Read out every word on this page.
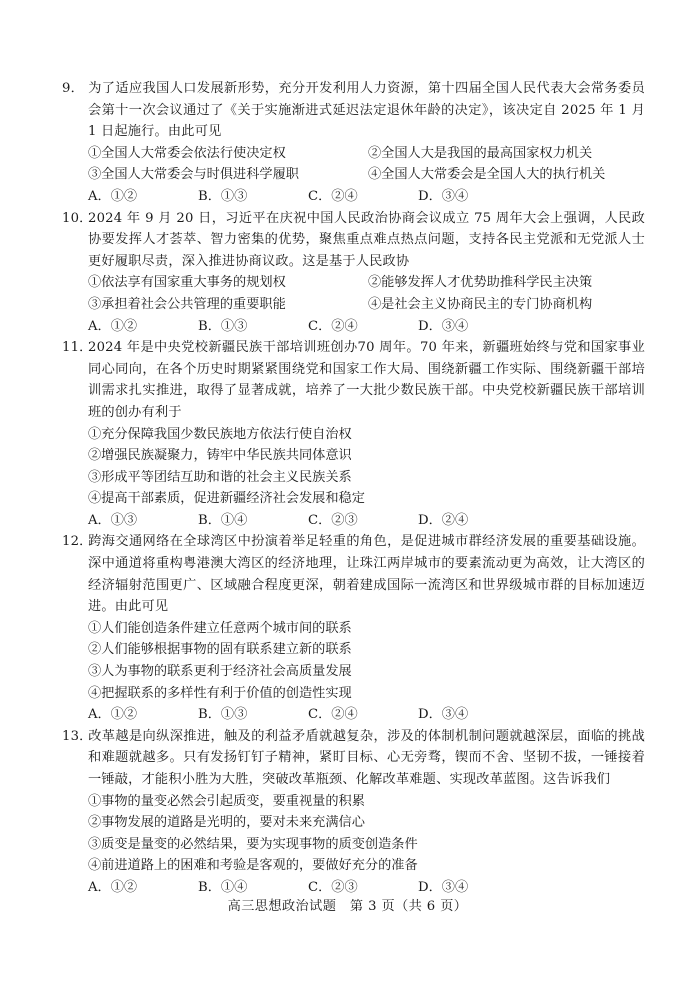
9． 为了适应我国人口发展新形势，充分开发利用人力资源，第十四届全国人民代表大会常务委员会第十一次会议通过了《关于实施渐进式延迟法定退休年龄的决定》，该决定自 2025 年 1 月 1 日起施行。由此可见

①全国人大常委会依法行使决定权	②全国人大是我国的最高国家权力机关
③全国人大常委会与时俱进科学履职	④全国人大常委会是全国人大的执行机关
A．①②	B．①③	C．②④	D．③④

10．2024 年 9 月 20 日，习近平在庆祝中国人民政治协商会议成立 75 周年大会上强调，人民政协要发挥人才荟萃、智力密集的优势，聚焦重点难点热点问题，支持各民主党派和无党派人士更好履职尽责，深入推进协商议政。这是基于人民政协

①依法享有国家重大事务的规划权	②能够发挥人才优势助推科学民主决策
③承担着社会公共管理的重要职能	④是社会主义协商民主的专门协商机构
A．①②	B．①③	C．②④	D．③④

11．2024 年是中央党校新疆民族干部培训班创办70 周年。70 年来，新疆班始终与党和国家事业同心同向，在各个历史时期紧紧围绕党和国家工作大局、围绕新疆工作实际、围绕新疆干部培训需求扎实推进，取得了显著成就，培养了一大批少数民族干部。中央党校新疆民族干部培训班的创办有利于

①充分保障我国少数民族地方依法行使自治权
②增强民族凝聚力，铸牢中华民族共同体意识
③形成平等团结互助和谐的社会主义民族关系
④提高干部素质，促进新疆经济社会发展和稳定
A．①③	B．①④	C．②③	D．②④

12．跨海交通网络在全球湾区中扮演着举足轻重的角色，是促进城市群经济发展的重要基础设施。深中通道将重构粤港澳大湾区的经济地理，让珠江两岸城市的要素流动更为高效，让大湾区的经济辐射范围更广、区域融合程度更深，朝着建成国际一流湾区和世界级城市群的目标加速迈进。由此可见

①人们能创造条件建立任意两个城市间的联系
②人们能够根据事物的固有联系建立新的联系
③人为事物的联系更利于经济社会高质量发展
④把握联系的多样性有利于价值的创造性实现
A．①②	B．①③	C．②④	D．③④

13．改革越是向纵深推进，触及的利益矛盾就越复杂，涉及的体制机制问题就越深层，面临的挑战和难题就越多。只有发扬钉钉子精神，紧盯目标、心无旁骛，锲而不舍、坚韧不拔，一锤接着一锤敲，才能积小胜为大胜，突破改革瓶颈、化解改革难题、实现改革蓝图。这告诉我们

①事物的量变必然会引起质变，要重视量的积累
②事物发展的道路是光明的，要对未来充满信心
③质变是量变的必然结果，要为实现事物的质变创造条件
④前进道路上的困难和考验是客观的，要做好充分的准备
A．①②	B．①④	C．②③	D．③④
高三思想政治试题　第 3 页（共 6 页）
